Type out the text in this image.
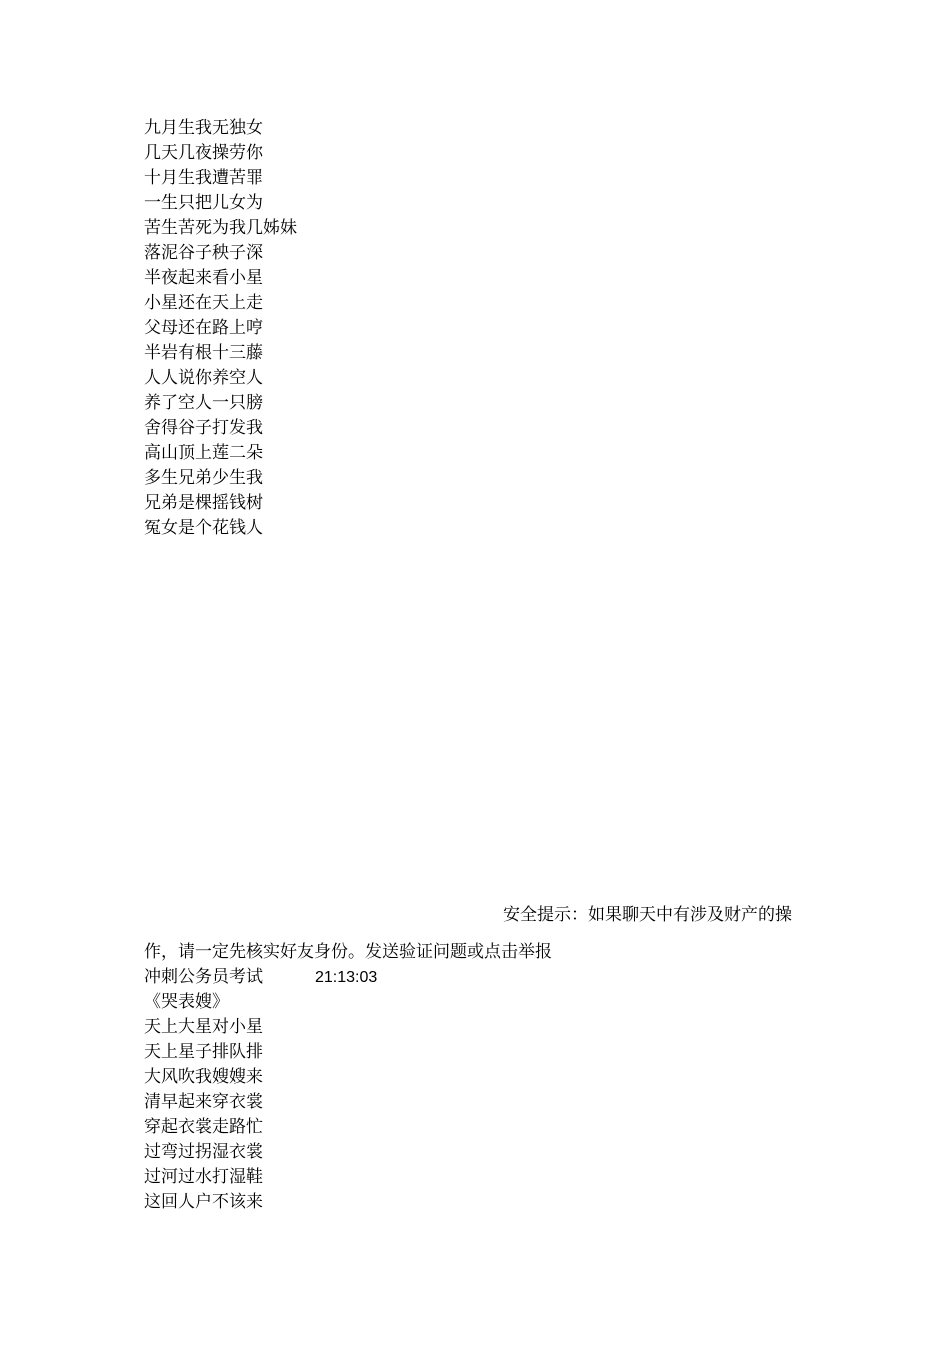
九月生我无独女
几天几夜操劳你
十月生我遭苦罪
一生只把儿女为
苦生苦死为我几姊妹
落泥谷子秧子深
半夜起来看小星
小星还在天上走
父母还在路上哼
半岩有根十三藤
人人说你养空人
养了空人一只膀
舍得谷子打发我
高山顶上莲二朵
多生兄弟少生我
兄弟是棵摇钱树
冤女是个花钱人
安全提示：如果聊天中有涉及财产的操
作，请一定先核实好友身份。发送验证问题或点击举报
冲刺公务员考试	21:13:03
《哭表嫂》
天上大星对小星
天上星子排队排
大风吹我嫂嫂来
清早起来穿衣裳
穿起衣裳走路忙
过弯过拐湿衣裳
过河过水打湿鞋
这回人户不该来
